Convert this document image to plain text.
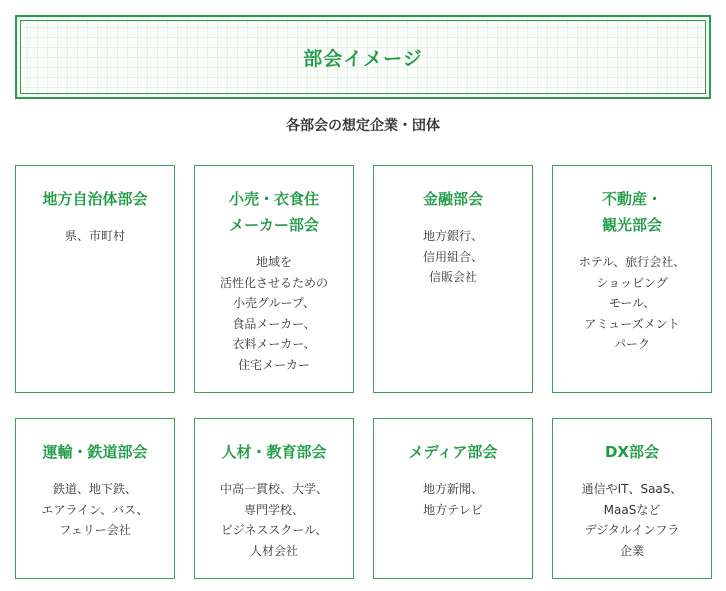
部会イメージ
各部会の想定企業・団体
地方自治体部会
県、市町村
小売・衣食住
メーカー部会
地域を
活性化させるための
小売グループ、
食品メーカー、
衣料メーカー、
住宅メーカー
金融部会
地方銀行、
信用組合、
信販会社
不動産・
観光部会
ホテル、旅行会社、
ショッピング
モール、
アミューズメント
パーク
運輸・鉄道部会
鉄道、地下鉄、
エアライン、バス、
フェリー会社
人材・教育部会
中高一貫校、大学、
専門学校、
ビジネススクール、
人材会社
メディア部会
地方新聞、
地方テレビ
DX部会
通信やIT、SaaS、
MaaSなど
デジタルインフラ
企業
